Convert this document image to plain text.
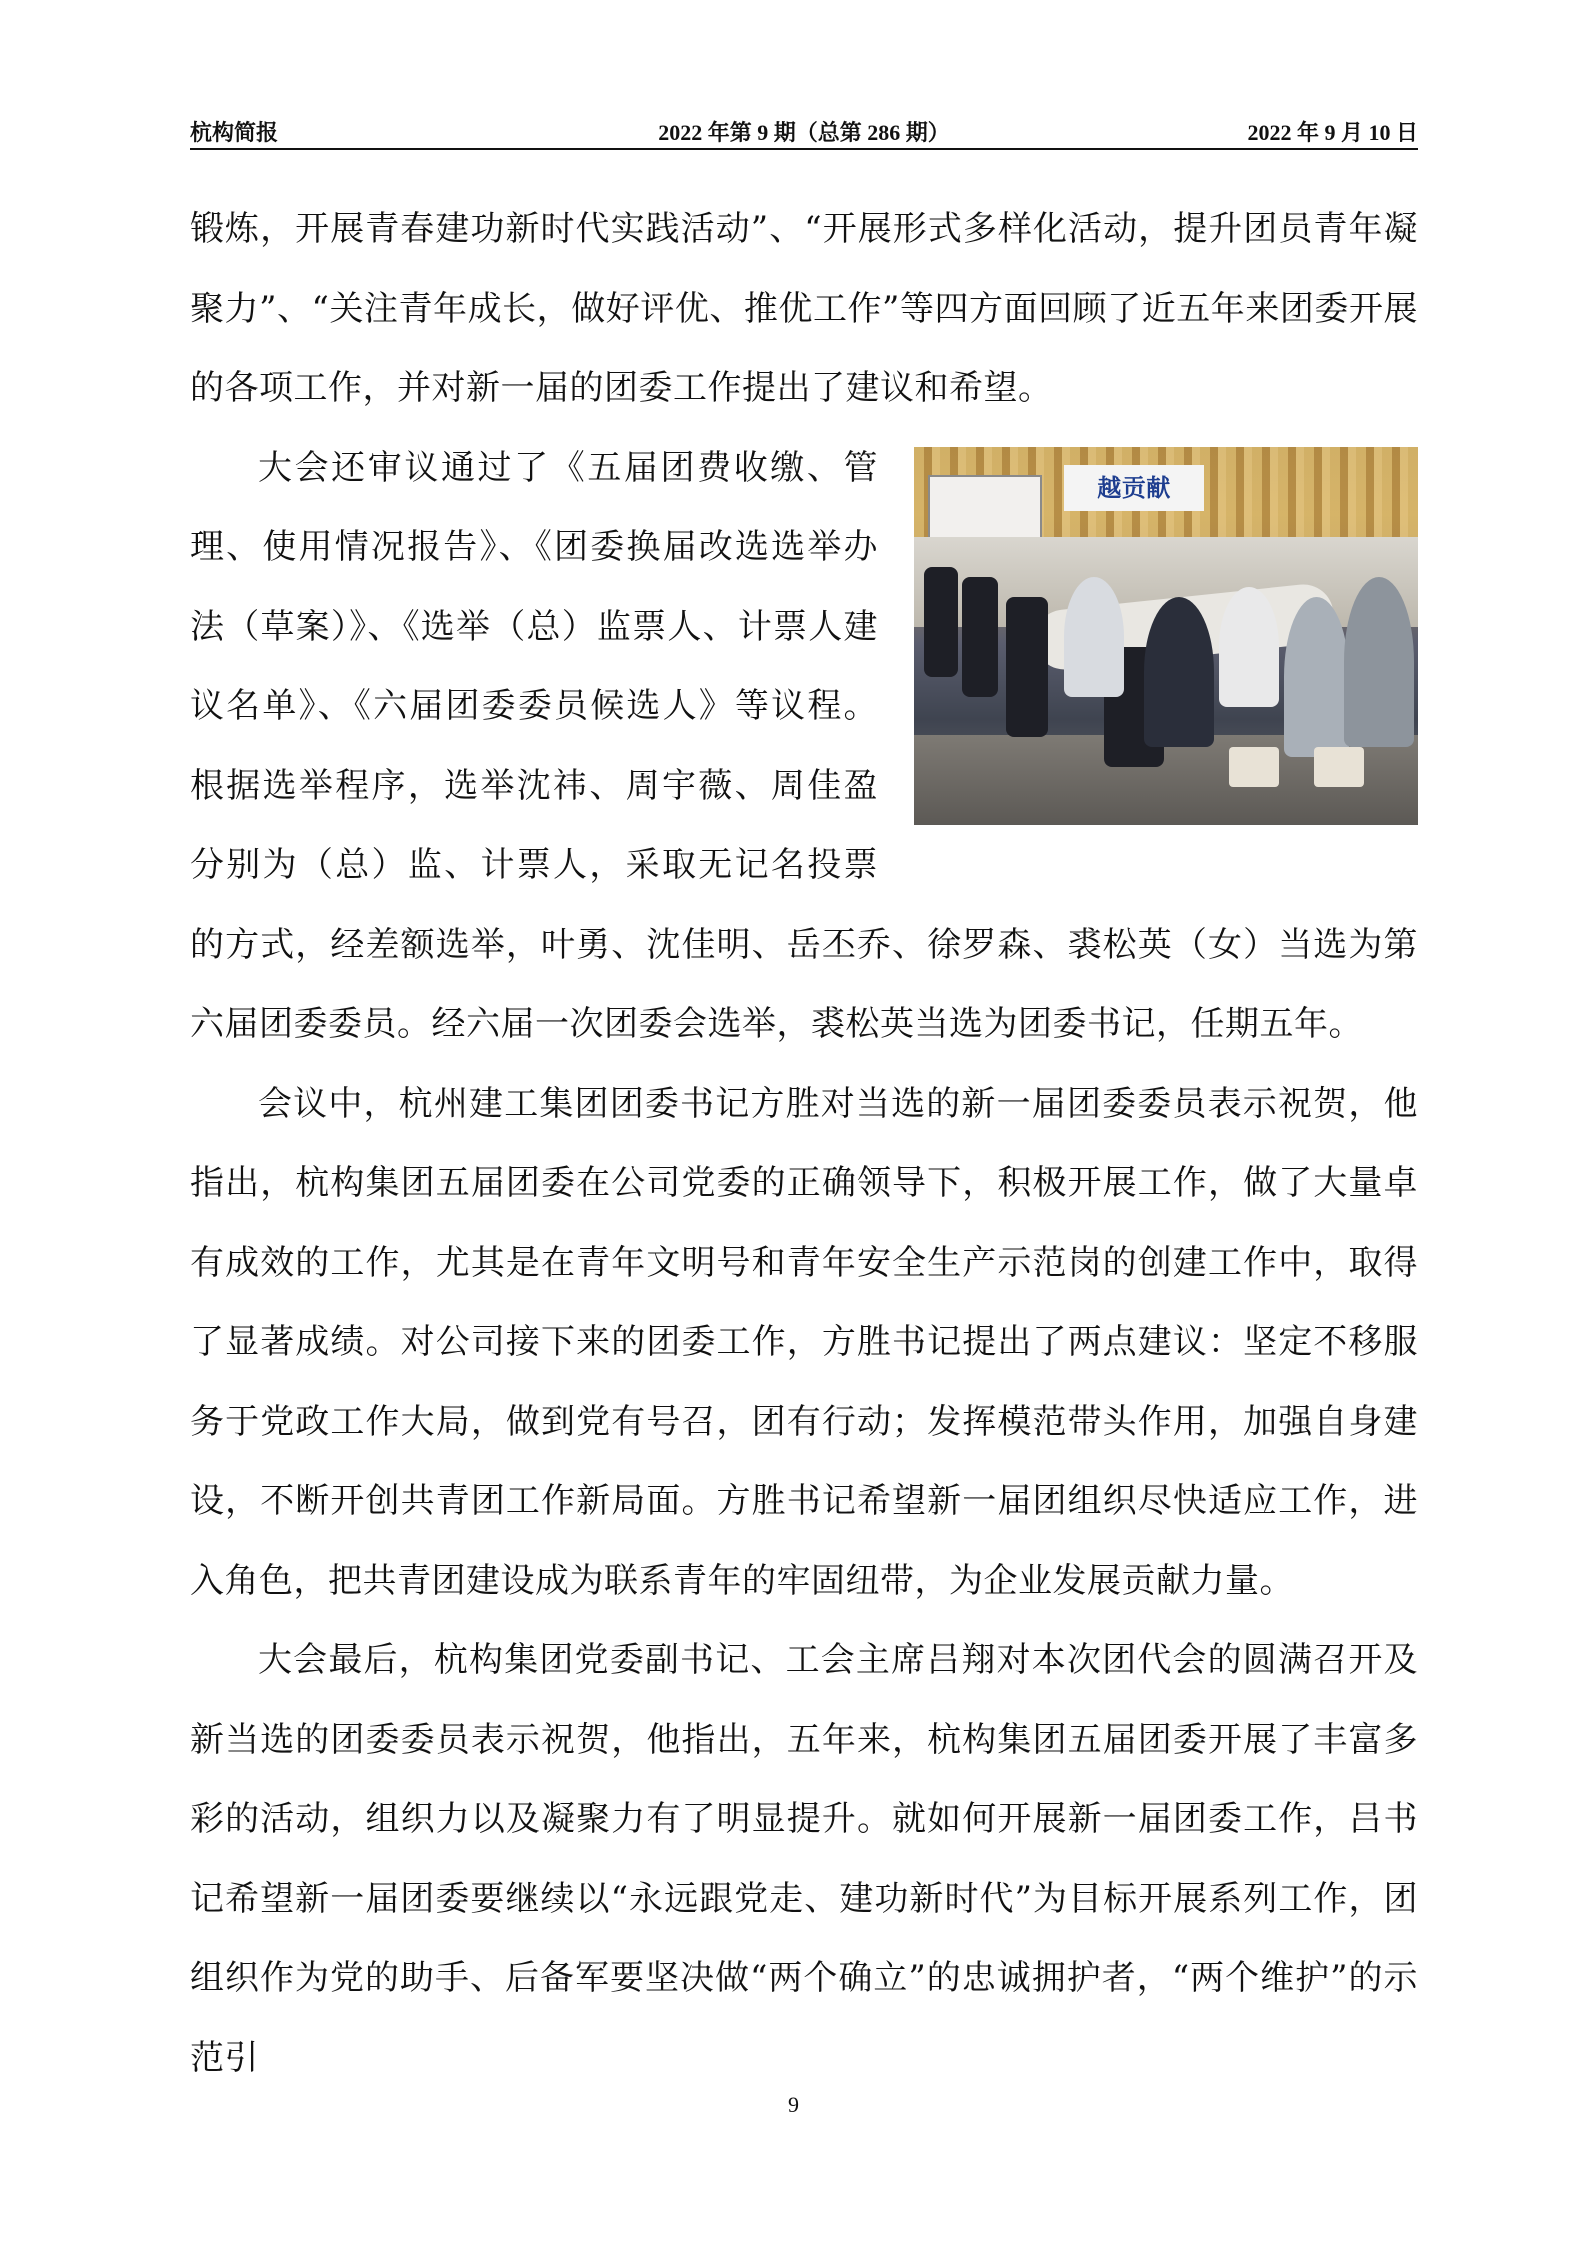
杭构简报	2022 年第 9 期（总第 286 期）	2022 年 9 月 10 日

锻炼，开展青春建功新时代实践活动”、“开展形式多样化活动，提升团员青年凝聚力”、“关注青年成长，做好评优、推优工作”等四方面回顾了近五年来团委开展的各项工作，并对新一届的团委工作提出了建议和希望。

越贡献

大会还审议通过了《五届团费收缴、管理、使用情况报告》、《团委换届改选选举办法（草案）》、《选举（总）监票人、计票人建议名单》、《六届团委委员候选人》等议程。根据选举程序，选举沈祎、周宇薇、周佳盈分别为（总）监、计票人，采取无记名投票的方式，经差额选举，叶勇、沈佳明、岳丕乔、徐罗森、裘松英（女）当选为第六届团委委员。经六届一次团委会选举，裘松英当选为团委书记，任期五年。

会议中，杭州建工集团团委书记方胜对当选的新一届团委委员表示祝贺，他指出，杭构集团五届团委在公司党委的正确领导下，积极开展工作，做了大量卓有成效的工作，尤其是在青年文明号和青年安全生产示范岗的创建工作中，取得了显著成绩。对公司接下来的团委工作，方胜书记提出了两点建议：坚定不移服务于党政工作大局，做到党有号召，团有行动；发挥模范带头作用，加强自身建设，不断开创共青团工作新局面。方胜书记希望新一届团组织尽快适应工作，进入角色，把共青团建设成为联系青年的牢固纽带，为企业发展贡献力量。

大会最后，杭构集团党委副书记、工会主席吕翔对本次团代会的圆满召开及新当选的团委委员表示祝贺，他指出，五年来，杭构集团五届团委开展了丰富多彩的活动，组织力以及凝聚力有了明显提升。就如何开展新一届团委工作，吕书记希望新一届团委要继续以“永远跟党走、建功新时代”为目标开展系列工作，团组织作为党的助手、后备军要坚决做“两个确立”的忠诚拥护者，“两个维护”的示范引

9
